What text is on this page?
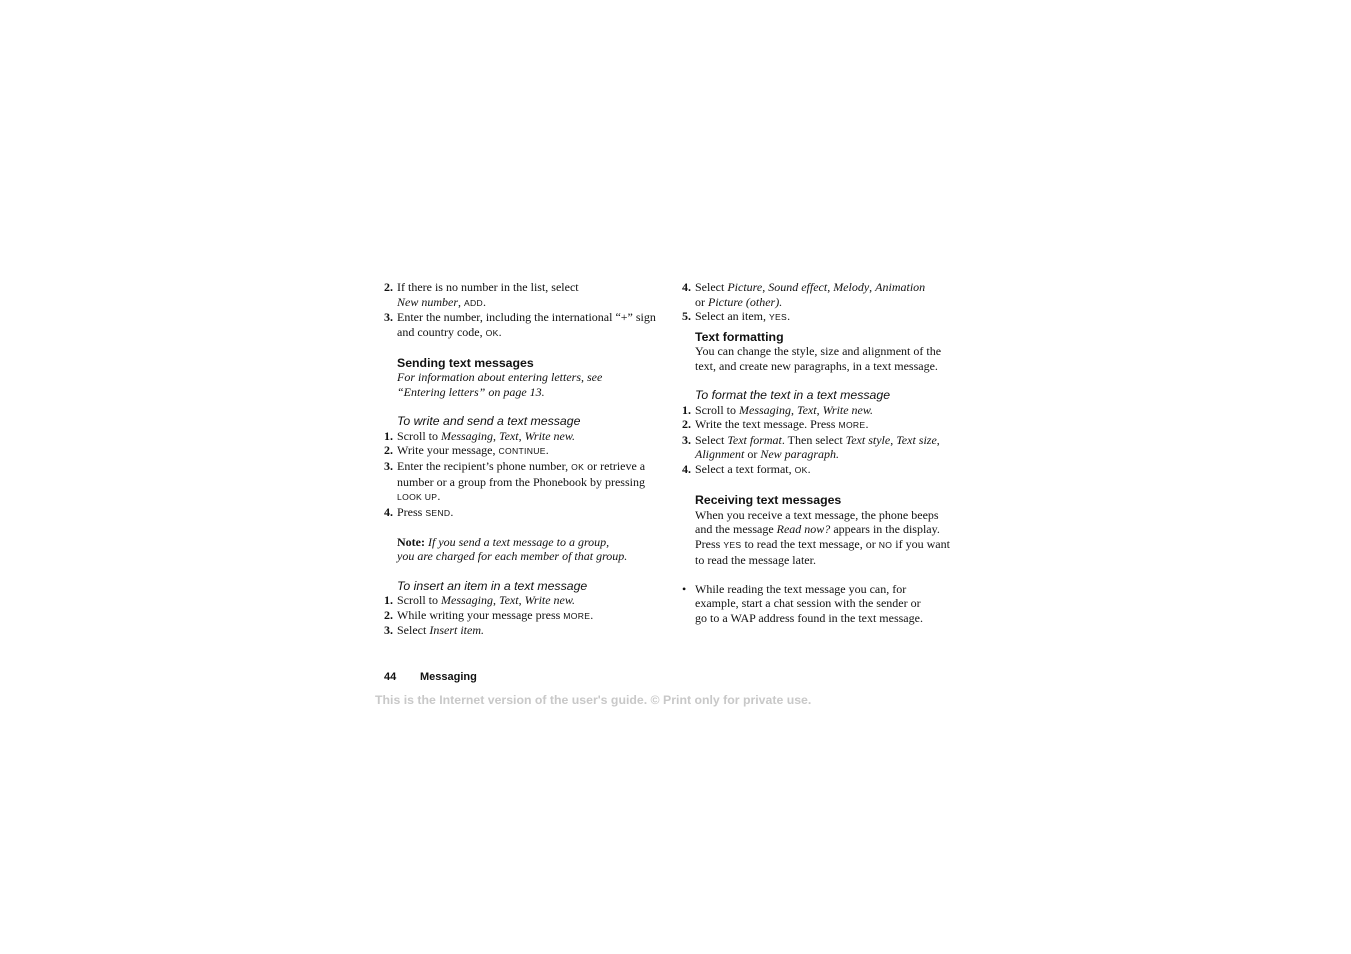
2. If there is no number in the list, select
New number, ADD.
3. Enter the number, including the international “+” sign
and country code, OK.
Sending text messages
For information about entering letters, see
“Entering letters” on page 13.
To write and send a text message
1. Scroll to Messaging, Text, Write new.
2. Write your message, CONTINUE.
3. Enter the recipient’s phone number, OK or retrieve a
number or a group from the Phonebook by pressing
LOOK UP.
4. Press SEND.
Note: If you send a text message to a group,
you are charged for each member of that group.
To insert an item in a text message
1. Scroll to Messaging, Text, Write new.
2. While writing your message press MORE.
3. Select Insert item.
4. Select Picture, Sound effect, Melody, Animation
or Picture (other).
5. Select an item, YES.
Text formatting
You can change the style, size and alignment of the
text, and create new paragraphs, in a text message.
To format the text in a text message
1. Scroll to Messaging, Text, Write new.
2. Write the text message. Press MORE.
3. Select Text format. Then select Text style, Text size,
Alignment or New paragraph.
4. Select a text format, OK.
Receiving text messages
When you receive a text message, the phone beeps
and the message Read now? appears in the display.
Press YES to read the text message, or NO if you want
to read the message later.
• While reading the text message you can, for
example, start a chat session with the sender or
go to a WAP address found in the text message.
44 Messaging
This is the Internet version of the user's guide. © Print only for private use.
